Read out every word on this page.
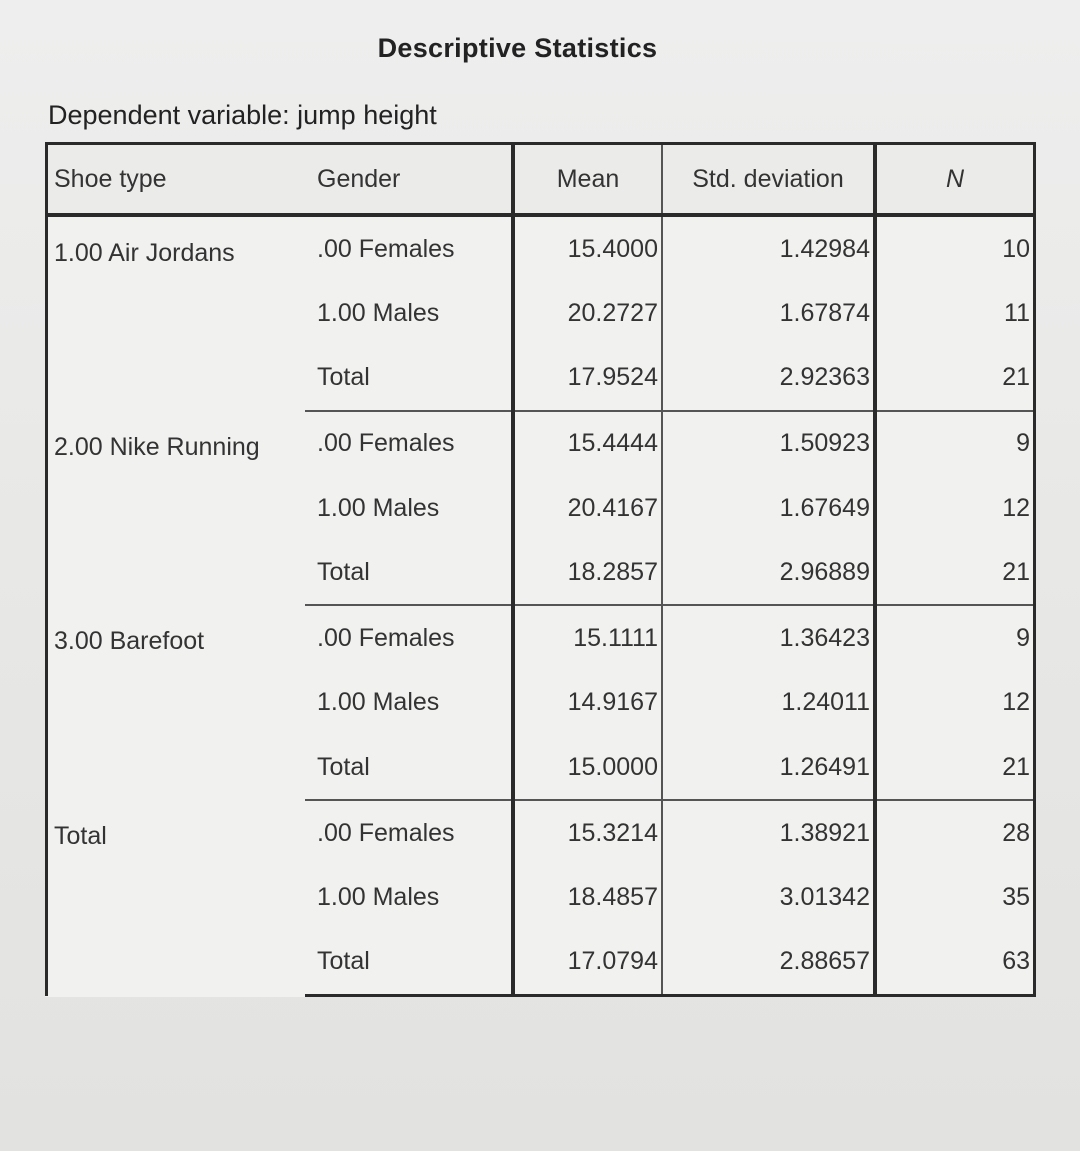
Descriptive Statistics
Dependent variable: jump height
Shoe type	Gender	Mean	Std. deviation	N
1.00 Air Jordans	.00 Females	15.4000	1.42984	10
	1.00 Males	20.2727	1.67874	11
	Total	17.9524	2.92363	21
2.00 Nike Running	.00 Females	15.4444	1.50923	9
	1.00 Males	20.4167	1.67649	12
	Total	18.2857	2.96889	21
3.00 Barefoot	.00 Females	15.1111	1.36423	9
	1.00 Males	14.9167	1.24011	12
	Total	15.0000	1.26491	21
Total	.00 Females	15.3214	1.38921	28
	1.00 Males	18.4857	3.01342	35
	Total	17.0794	2.88657	63
